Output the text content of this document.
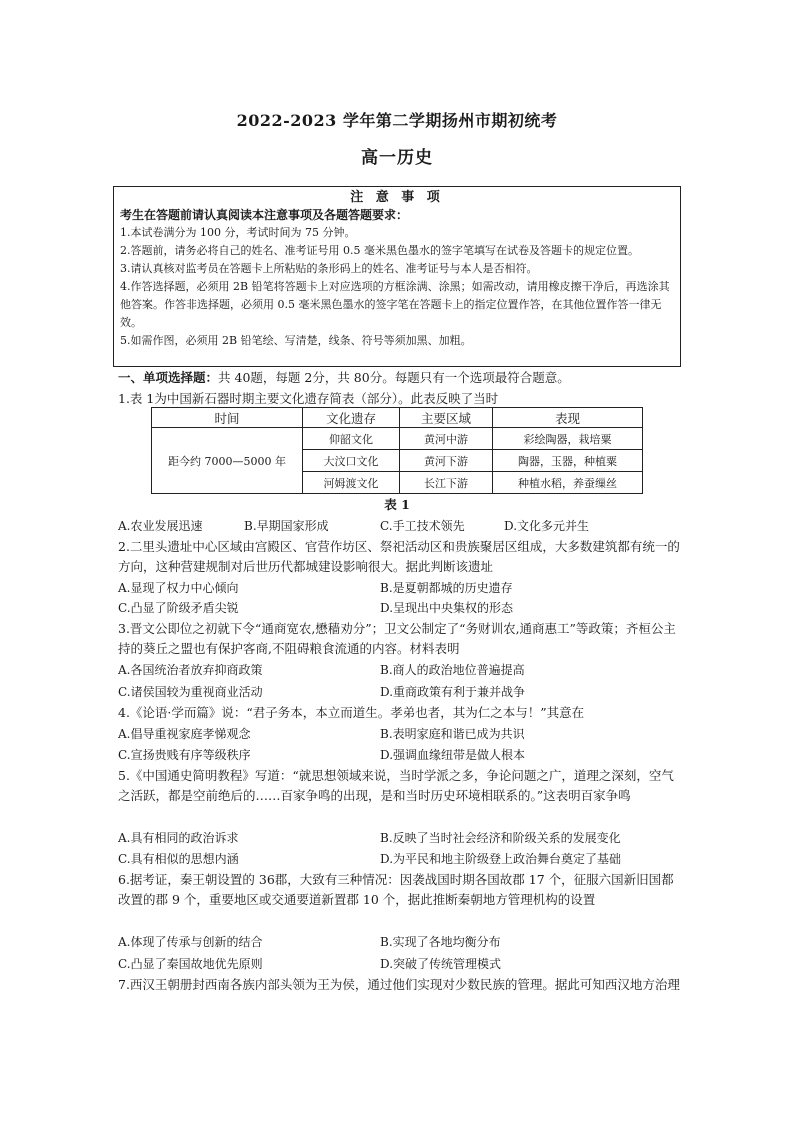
2022-2023 学年第二学期扬州市期初统考
高一历史
注 意 事 项
考生在答题前请认真阅读本注意事项及各题答题要求：
1.本试卷满分为 100 分，考试时间为 75 分钟。
2.答题前，请务必将自己的姓名、准考证号用 0.5 毫米黑色墨水的签字笔填写在试卷及答题卡的规定位置。
3.请认真核对监考员在答题卡上所粘贴的条形码上的姓名、准考证号与本人是否相符。
4.作答选择题，必须用 2B 铅笔将答题卡上对应选项的方框涂满、涂黑；如需改动，请用橡皮擦干净后，再选涂其他答案。作答非选择题，必须用 0.5 毫米黑色墨水的签字笔在答题卡上的指定位置作答，在其他位置作答一律无效。
5.如需作图，必须用 2B 铅笔绘、写清楚，线条、符号等须加黑、加粗。
一、单项选择题：共 40题，每题 2分，共 80分。每题只有一个选项最符合题意。
1.表 1为中国新石器时期主要文化遗存简表（部分）。此表反映了当时
时间	文化遗存	主要区域	表现
距今约 7000—5000 年	仰韶文化	黄河中游	彩绘陶器，栽培粟
	大汶口文化	黄河下游	陶器，玉器，种植粟
	河姆渡文化	长江下游	种植水稻，养蚕缫丝
表 1
A.农业发展迅速	B.早期国家形成	C.手工技术领先	D.文化多元并生
2.二里头遗址中心区域由宫殿区、官营作坊区、祭祀活动区和贵族聚居区组成，大多数建筑都有统一的方向，这种营建规制对后世历代都城建设影响很大。据此判断该遗址
A.显现了权力中心倾向	B.是夏朝都城的历史遗存
C.凸显了阶级矛盾尖锐	D.呈现出中央集权的形态
3.晋文公即位之初就下令“通商宽农,懋穑劝分”；卫文公制定了“务财训农,通商惠工”等政策；齐桓公主持的葵丘之盟也有保护客商,不阻碍粮食流通的内容。材料表明
A.各国统治者放弃抑商政策	B.商人的政治地位普遍提高
C.诸侯国较为重视商业活动	D.重商政策有利于兼并战争
4.《论语·学而篇》说：“君子务本，本立而道生。孝弟也者，其为仁之本与！”其意在
A.倡导重视家庭孝悌观念	B.表明家庭和谐已成为共识
C.宣扬贵贱有序等级秩序	D.强调血缘纽带是做人根本
5.《中国通史简明教程》写道：“就思想领域来说，当时学派之多，争论问题之广，道理之深刻，空气之活跃，都是空前绝后的……百家争鸣的出现，是和当时历史环境相联系的。”这表明百家争鸣
A.具有相同的政治诉求	B.反映了当时社会经济和阶级关系的发展变化
C.具有相似的思想内涵	D.为平民和地主阶级登上政治舞台奠定了基础
6.据考证，秦王朝设置的 36郡，大致有三种情况：因袭战国时期各国故郡 17 个，征服六国新旧国都改置的郡 9 个，重要地区或交通要道新置郡 10 个，据此推断秦朝地方管理机构的设置
A.体现了传承与创新的结合	B.实现了各地均衡分布
C.凸显了秦国故地优先原则	D.突破了传统管理模式
7.西汉王朝册封西南各族内部头领为王为侯，通过他们实现对少数民族的管理。据此可知西汉地方治理
